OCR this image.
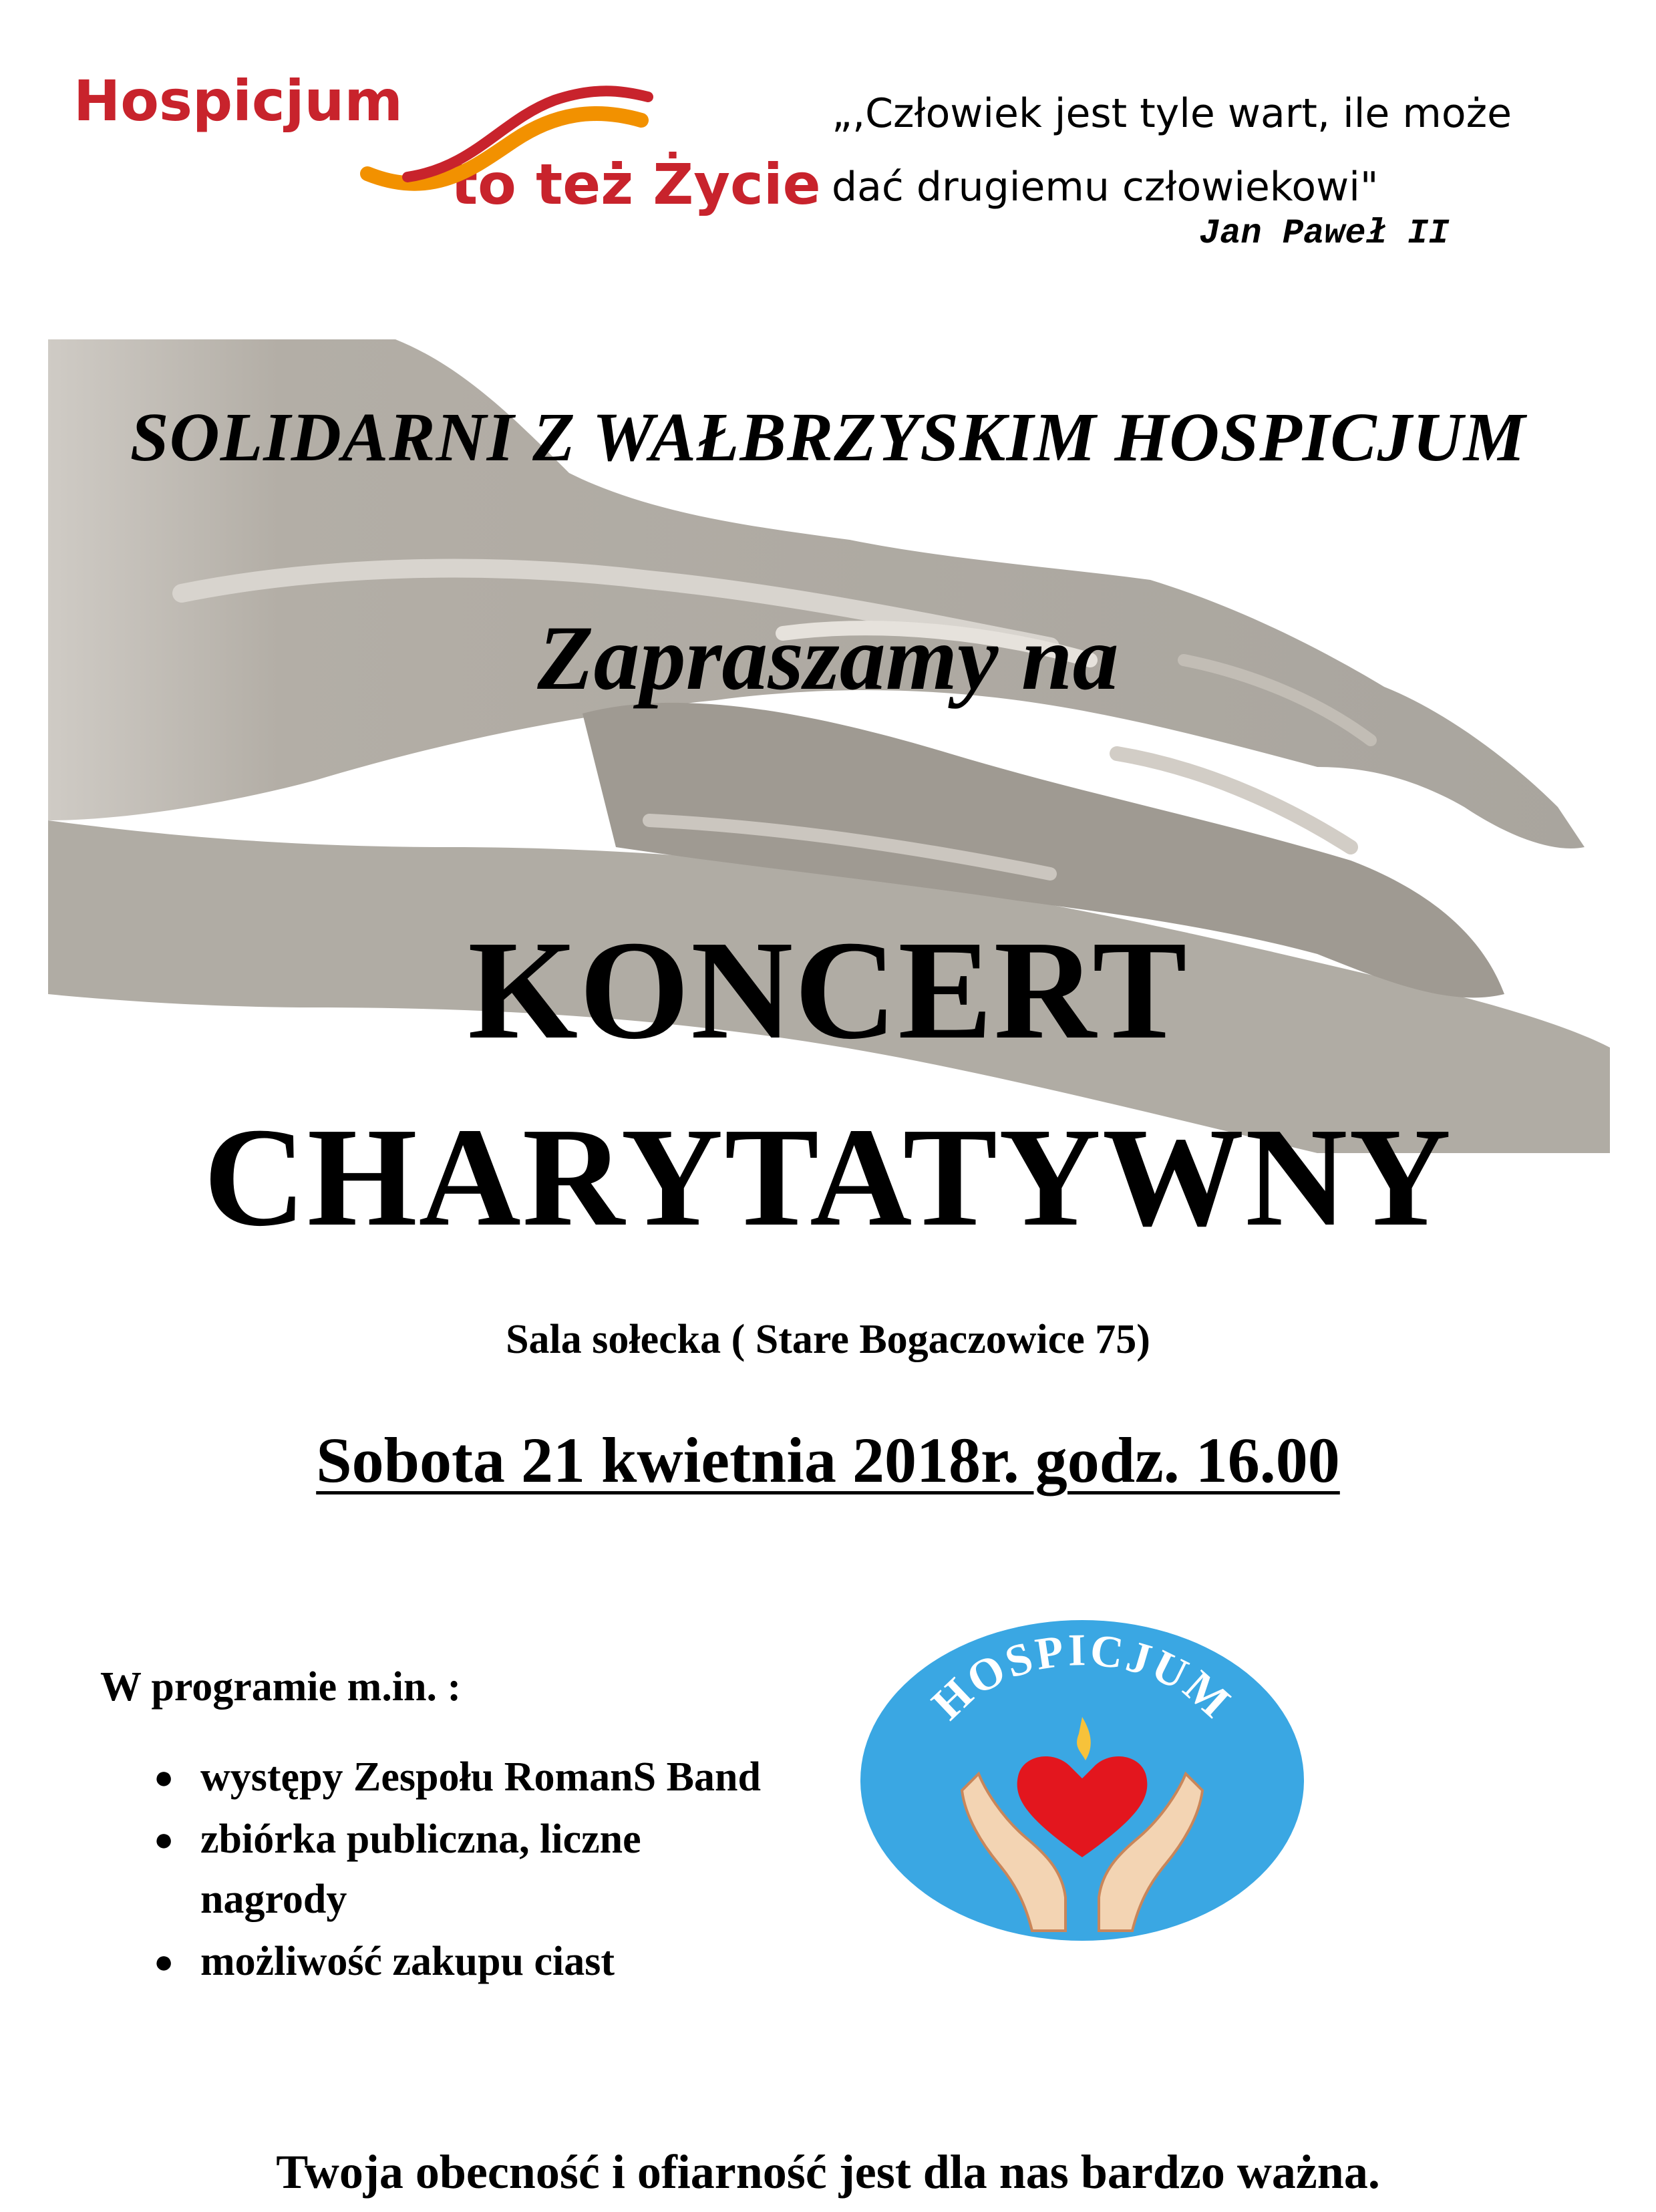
Hospicjum
to też Życie
„,Człowiek jest tyle wart, ile może
dać drugiemu człowiekowi"
Jan Paweł II
SOLIDARNI Z WAŁBRZYSKIM HOSPICJUM
Zapraszamy na
KONCERT
CHARYTATYWNY
Sala sołecka ( Stare Bogaczowice 75)
Sobota 21 kwietnia 2018r. godz. 16.00
W programie m.in. :
● występy Zespołu RomanS Band
● zbiórka publiczna, liczne
nagrody
● możliwość zakupu ciast
HOSPICJUM
Twoja obecność i ofiarność jest dla nas bardzo ważna.
